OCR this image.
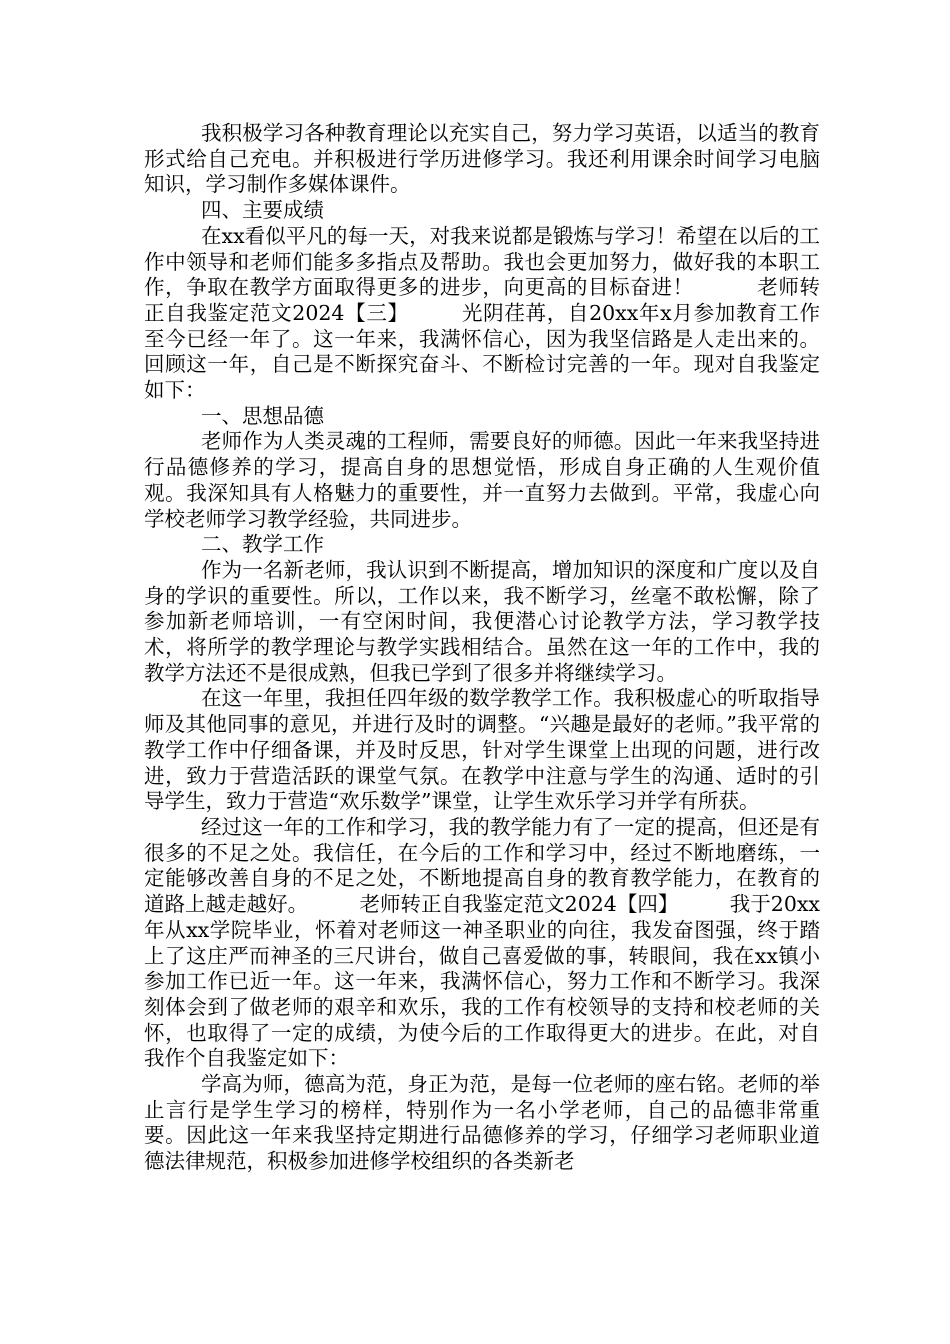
我积极学习各种教育理论以充实自己，努力学习英语，以适当的教育形式给自己充电。并积极进行学历进修学习。我还利用课余时间学习电脑知识，学习制作多媒体课件。

四、主要成绩

在xx看似平凡的每一天，对我来说都是锻炼与学习！希望在以后的工作中领导和老师们能多多指点及帮助。我也会更加努力，做好我的本职工作，争取在教学方面取得更多的进步，向更高的目标奋进！　　　老师转正自我鉴定范文2024【三】　　　光阴荏苒，自20xx年x月参加教育工作至今已经一年了。这一年来，我满怀信心，因为我坚信路是人走出来的。回顾这一年，自己是不断探究奋斗、不断检讨完善的一年。现对自我鉴定如下：

一、思想品德

老师作为人类灵魂的工程师，需要良好的师德。因此一年来我坚持进行品德修养的学习，提高自身的思想觉悟，形成自身正确的人生观价值观。我深知具有人格魅力的重要性，并一直努力去做到。平常，我虚心向学校老师学习教学经验，共同进步。

二、教学工作

作为一名新老师，我认识到不断提高，增加知识的深度和广度以及自身的学识的重要性。所以，工作以来，我不断学习，丝毫不敢松懈，除了参加新老师培训，一有空闲时间，我便潜心讨论教学方法，学习教学技术，将所学的教学理论与教学实践相结合。虽然在这一年的工作中，我的教学方法还不是很成熟，但我已学到了很多并将继续学习。

在这一年里，我担任四年级的数学教学工作。我积极虚心的听取指导师及其他同事的意见，并进行及时的调整。“兴趣是最好的老师。”我平常的教学工作中仔细备课，并及时反思，针对学生课堂上出现的问题，进行改进，致力于营造活跃的课堂气氛。在教学中注意与学生的沟通、适时的引导学生，致力于营造“欢乐数学”课堂，让学生欢乐学习并学有所获。

经过这一年的工作和学习，我的教学能力有了一定的提高，但还是有很多的不足之处。我信任，在今后的工作和学习中，经过不断地磨练，一定能够改善自身的不足之处，不断地提高自身的教育教学能力，在教育的道路上越走越好。　　　老师转正自我鉴定范文2024【四】　　　我于20xx年从xx学院毕业，怀着对老师这一神圣职业的向往，我发奋图强，终于踏上了这庄严而神圣的三尺讲台，做自己喜爱做的事，转眼间，我在xx镇小参加工作已近一年。这一年来，我满怀信心，努力工作和不断学习。我深刻体会到了做老师的艰辛和欢乐，我的工作有校领导的支持和校老师的关怀，也取得了一定的成绩，为使今后的工作取得更大的进步。在此，对自我作个自我鉴定如下：

学高为师，德高为范，身正为范，是每一位老师的座右铭。老师的举止言行是学生学习的榜样，特别作为一名小学老师，自己的品德非常重要。因此这一年来我坚持定期进行品德修养的学习，仔细学习老师职业道德法律规范，积极参加进修学校组织的各类新老
